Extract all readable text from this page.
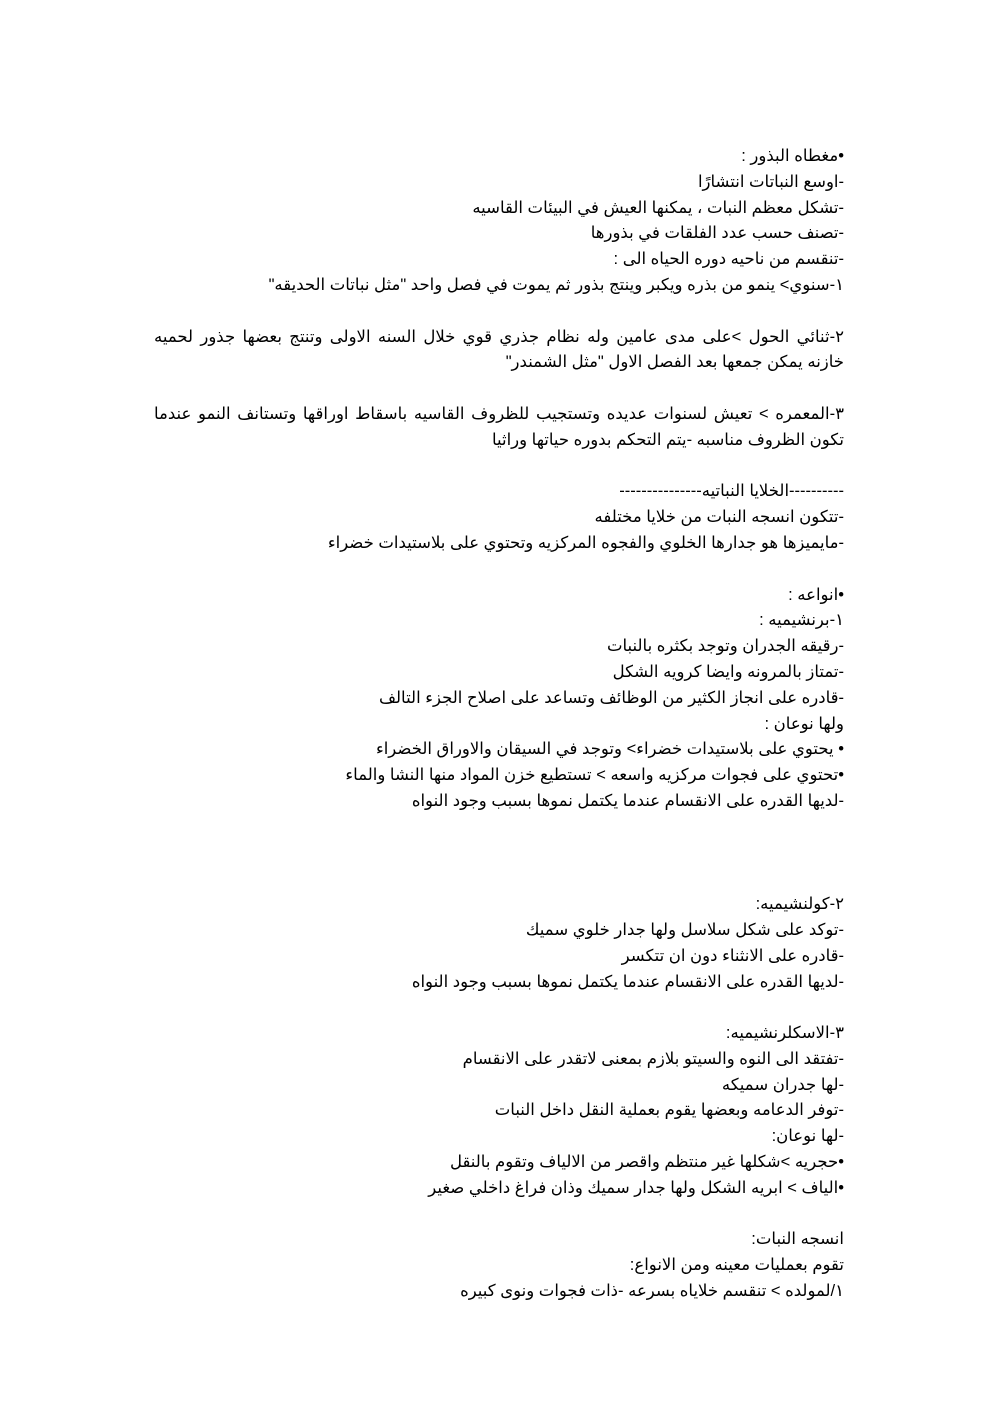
•مغطاه البذور :
-اوسع النباتات انتشارًا
-تشكل معظم النبات ، يمكنها العيش في البيئات القاسيه
-تصنف حسب عدد الفلقات في بذورها
-تنقسم من ناحيه دوره الحياه الى :
١-سنوي> ينمو من بذره ويكبر وينتج بذور ثم يموت في فصل واحد "مثل نباتات الحديقه"
٢-ثنائي الحول >على مدى عامين وله نظام جذري قوي خلال السنه الاولى وتنتج بعضها جذور لحميه خازنه يمكن جمعها بعد الفصل الاول "مثل الشمندر"
٣-المعمره > تعيش لسنوات عديده وتستجيب للظروف القاسيه باسقاط اوراقها وتستانف النمو عندما تكون الظروف مناسبه -يتم التحكم بدوره حياتها وراثيا
----------الخلايا النباتيه---------------
-تتكون انسجه النبات من خلايا مختلفه
-مايميزها هو جدارها الخلوي والفجوه المركزيه وتحتوي على بلاستيدات خضراء
•انواعه :
١-برنشيميه :
-رقيقه الجدران وتوجد بكثره بالنبات
-تمتاز بالمرونه وايضا كرويه الشكل
-قادره على انجاز الكثير من الوظائف وتساعد على اصلاح الجزء التالف
ولها نوعان :
• يحتوي على بلاستيدات خضراء> وتوجد في السيقان والاوراق الخضراء
•تحتوي على فجوات مركزيه واسعه > تستطيع خزن المواد منها النشا والماء
-لديها القدره على الانقسام عندما يكتمل نموها بسبب وجود النواه
٢-كولنشيميه:
-توكد على شكل سلاسل ولها جدار خلوي سميك
-قادره على الانثناء دون ان تتكسر
-لديها القدره على الانقسام عندما يكتمل نموها بسبب وجود النواه
٣-الاسكلرنشيميه:
-تفتقد الى النوه والسيتو بلازم بمعنى لاتقدر على الانقسام
-لها جدران سميكه
-توفر الدعامه وبعضها يقوم بعملية النقل داخل النبات
-لها نوعان:
•حجريه >شكلها غير منتظم واقصر من الالياف وتقوم بالنقل
•الياف > ابريه الشكل ولها جدار سميك وذان فراغ داخلي صغير
انسجه النبات:
تقوم بعمليات معينه ومن الانواع:
١/لمولده > تنقسم خلاياه بسرعه -ذات فجوات ونوى كبيره
